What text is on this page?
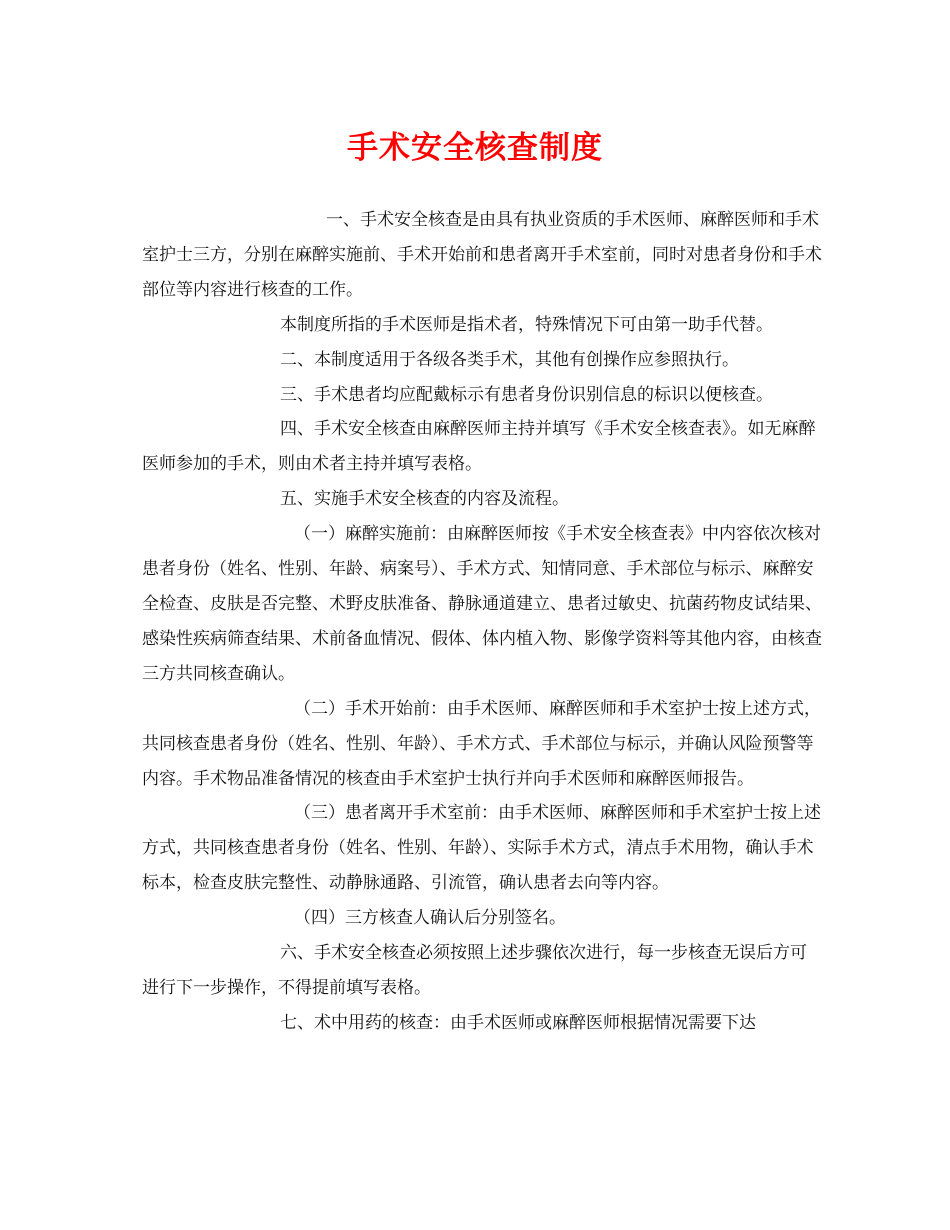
手术安全核查制度

一、手术安全核查是由具有执业资质的手术医师、麻醉医师和手术室护士三方，分别在麻醉实施前、手术开始前和患者离开手术室前，同时对患者身份和手术部位等内容进行核查的工作。

本制度所指的手术医师是指术者，特殊情况下可由第一助手代替。

二、本制度适用于各级各类手术，其他有创操作应参照执行。

三、手术患者均应配戴标示有患者身份识别信息的标识以便核查。

四、手术安全核查由麻醉医师主持并填写《手术安全核查表》。如无麻醉医师参加的手术，则由术者主持并填写表格。

五、实施手术安全核查的内容及流程。

（一）麻醉实施前：由麻醉医师按《手术安全核查表》中内容依次核对患者身份（姓名、性别、年龄、病案号）、手术方式、知情同意、手术部位与标示、麻醉安全检查、皮肤是否完整、术野皮肤准备、静脉通道建立、患者过敏史、抗菌药物皮试结果、感染性疾病筛查结果、术前备血情况、假体、体内植入物、影像学资料等其他内容，由核查三方共同核查确认。

（二）手术开始前：由手术医师、麻醉医师和手术室护士按上述方式，共同核查患者身份（姓名、性别、年龄）、手术方式、手术部位与标示，并确认风险预警等内容。手术物品准备情况的核查由手术室护士执行并向手术医师和麻醉医师报告。

（三）患者离开手术室前：由手术医师、麻醉医师和手术室护士按上述方式，共同核查患者身份（姓名、性别、年龄）、实际手术方式，清点手术用物，确认手术标本，检查皮肤完整性、动静脉通路、引流管，确认患者去向等内容。

（四）三方核查人确认后分别签名。

六、手术安全核查必须按照上述步骤依次进行，每一步核查无误后方可进行下一步操作，不得提前填写表格。

七、术中用药的核查：由手术医师或麻醉医师根据情况需要下达
